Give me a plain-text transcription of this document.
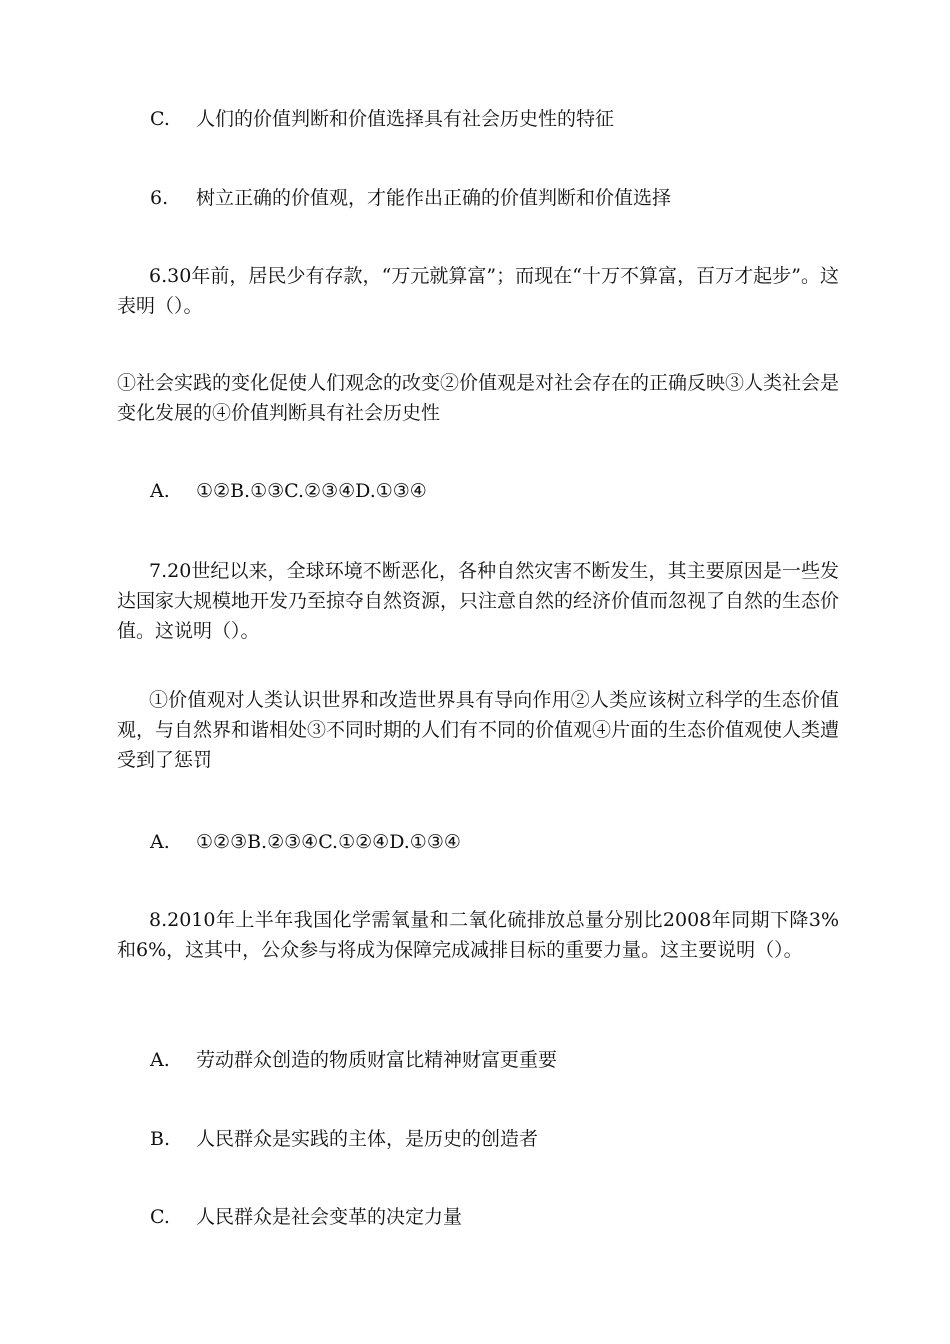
C. 人们的价值判断和价值选择具有社会历史性的特征
6. 树立正确的价值观，才能作出正确的价值判断和价值选择
6.30年前，居民少有存款，“万元就算富”；而现在“十万不算富，百万才起步”。这表明（）。
①社会实践的变化促使人们观念的改变②价值观是对社会存在的正确反映③人类社会是变化发展的④价值判断具有社会历史性
A. ①②B.①③C.②③④D.①③④
7.20世纪以来，全球环境不断恶化，各种自然灾害不断发生，其主要原因是一些发达国家大规模地开发乃至掠夺自然资源，只注意自然的经济价值而忽视了自然的生态价值。这说明（）。
①价值观对人类认识世界和改造世界具有导向作用②人类应该树立科学的生态价值观，与自然界和谐相处③不同时期的人们有不同的价值观④片面的生态价值观使人类遭受到了惩罚
A. ①②③B.②③④C.①②④D.①③④
8.2010年上半年我国化学需氧量和二氧化硫排放总量分别比2008年同期下降3%和6%，这其中，公众参与将成为保障完成减排目标的重要力量。这主要说明（）。
A. 劳动群众创造的物质财富比精神财富更重要
B. 人民群众是实践的主体，是历史的创造者
C. 人民群众是社会变革的决定力量
